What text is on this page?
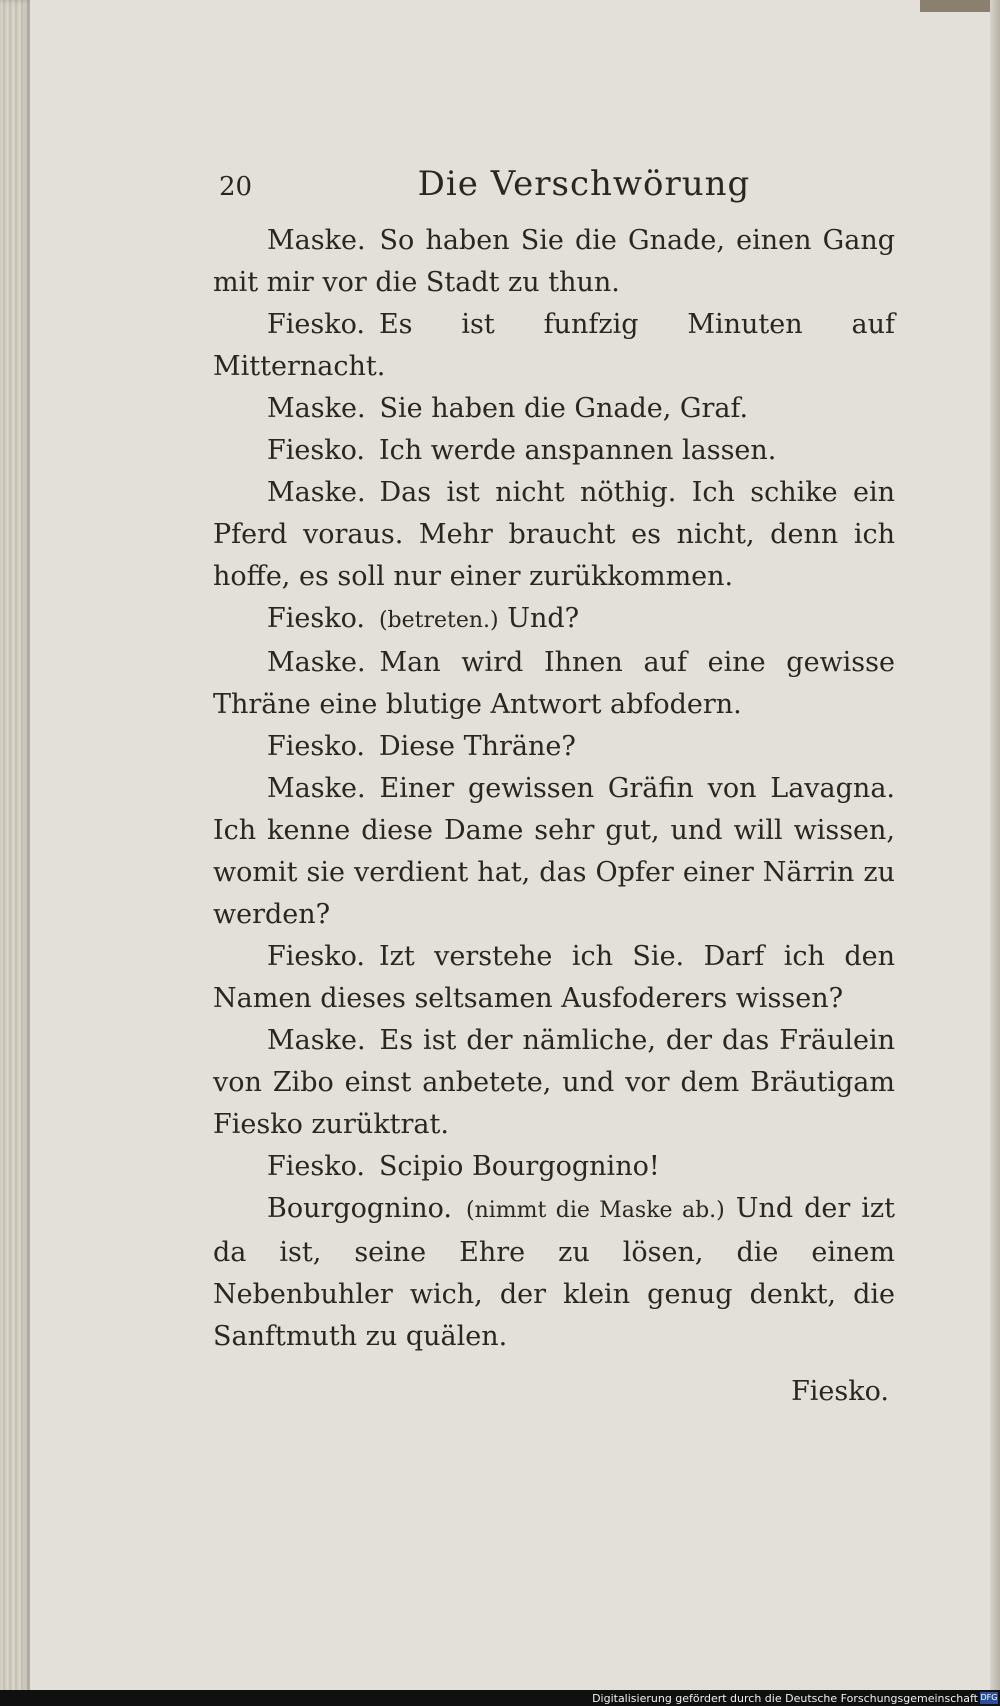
20	Die Verschwörung

Maske. So haben Sie die Gnade, einen Gang mit mir vor die Stadt zu thun.

Fiesko. Es ist funfzig Minuten auf Mitternacht.

Maske. Sie haben die Gnade, Graf.

Fiesko. Ich werde anspannen lassen.

Maske. Das ist nicht nöthig. Ich schike ein Pferd voraus. Mehr braucht es nicht, denn ich hoffe, es soll nur einer zurükkommen.

Fiesko. (betreten.) Und?

Maske. Man wird Ihnen auf eine gewisse Thräne eine blutige Antwort abfodern.

Fiesko. Diese Thräne?

Maske. Einer gewissen Gräfin von Lavagna. Ich kenne diese Dame sehr gut, und will wissen, womit sie verdient hat, das Opfer einer Närrin zu werden?

Fiesko. Izt verstehe ich Sie. Darf ich den Namen dieses seltsamen Ausfoderers wissen?

Maske. Es ist der nämliche, der das Fräulein von Zibo einst anbetete, und vor dem Bräutigam Fiesko zurüktrat.

Fiesko. Scipio Bourgognino!

Bourgognino. (nimmt die Maske ab.) Und der izt da ist, seine Ehre zu lösen, die einem Nebenbuhler wich, der klein genug denkt, die Sanftmuth zu quälen.

Fiesko.
Digitalisierung gefördert durch die Deutsche Forschungsgemeinschaft DFG
